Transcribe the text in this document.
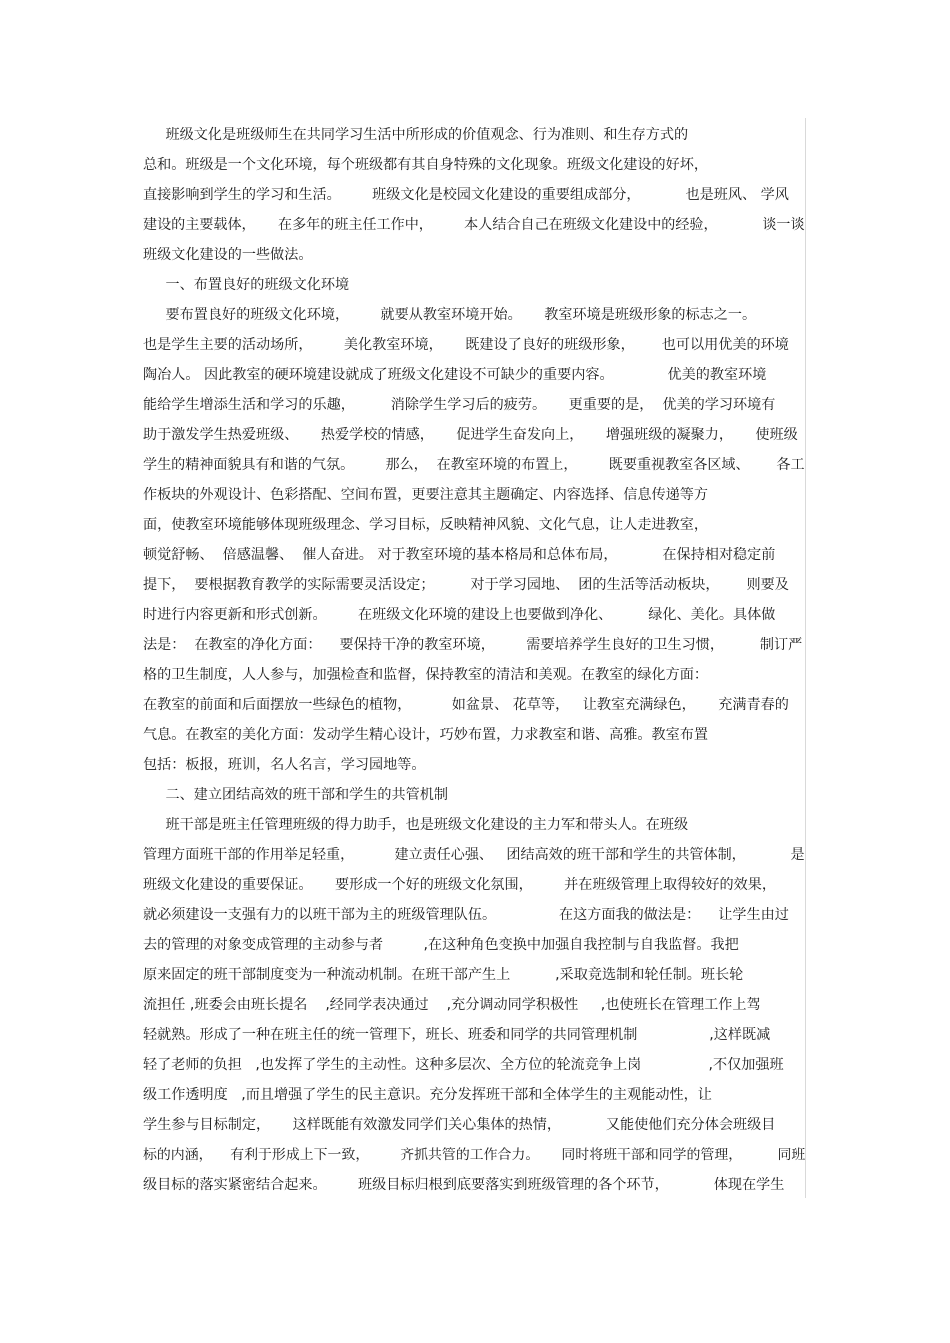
班级文化是班级师生在共同学习生活中所形成的价值观念、行为准则、和生存方式的
总和。班级是一个文化环境，每个班级都有其自身特殊的文化现象。班级文化建设的好坏，
直接影响到学生的学习和生活。       班级文化是校园文化建设的重要组成部分，          也是班风、 学风
建设的主要载体，     在多年的班主任工作中，       本人结合自己在班级文化建设中的经验，          谈一谈
班级文化建设的一些做法。
一、布置良好的班级文化环境
要布置良好的班级文化环境，       就要从教室环境开始。     教室环境是班级形象的标志之一。
也是学生主要的活动场所，       美化教室环境，     既建设了良好的班级形象，      也可以用优美的环境
陶冶人。 因此教室的硬环境建设就成了班级文化建设不可缺少的重要内容。            优美的教室环境
能给学生增添生活和学习的乐趣，        消除学生学习后的疲劳。     更重要的是，  优美的学习环境有
助于激发学生热爱班级、     热爱学校的情感，     促进学生奋发向上，     增强班级的凝聚力，     使班级
学生的精神面貌具有和谐的气氛。       那么，  在教室环境的布置上，       既要重视教室各区域、      各工
作板块的外观设计、色彩搭配、空间布置，更要注意其主题确定、内容选择、信息传递等方
面，使教室环境能够体现班级理念、学习目标，反映精神风貌、文化气息，让人走进教室，
顿觉舒畅、  倍感温馨、  催人奋进。 对于教室环境的基本格局和总体布局，          在保持相对稳定前
提下，  要根据教育教学的实际需要灵活设定；        对于学习园地、  团的生活等活动板块，      则要及
时进行内容更新和形式创新。       在班级文化环境的建设上也要做到净化、        绿化、美化。具体做
法是：  在教室的净化方面：    要保持干净的教室环境，       需要培养学生良好的卫生习惯，        制订严
格的卫生制度，人人参与，加强检查和监督，保持教室的清洁和美观。在教室的绿化方面：
在教室的前面和后面摆放一些绿色的植物，         如盆景、 花草等，   让教室充满绿色，     充满青春的
气息。在教室的美化方面：发动学生精心设计，巧妙布置，力求教室和谐、高雅。教室布置
包括：板报，班训，名人名言，学习园地等。
二、建立团结高效的班干部和学生的共管机制
班干部是班主任管理班级的得力助手，也是班级文化建设的主力军和带头人。在班级
管理方面班干部的作用举足轻重，         建立责任心强、   团结高效的班干部和学生的共管体制，          是
班级文化建设的重要保证。     要形成一个好的班级文化氛围，       并在班级管理上取得较好的效果，
就必须建设一支强有力的以班干部为主的班级管理队伍。              在这方面我的做法是：    让学生由过
去的管理的对象变成管理的主动参与者         ,在这种角色变换中加强自我控制与自我监督。我把
原来固定的班干部制度变为一种流动机制。在班干部产生上          ,采取竞选制和轮任制。班长轮
流担任 ,班委会由班长提名    ,经同学表决通过    ,充分调动同学积极性     ,也使班长在管理工作上驾
轻就熟。形成了一种在班主任的统一管理下，班长、班委和同学的共同管理机制                ,这样既减
轻了老师的负担   ,也发挥了学生的主动性。这种多层次、全方位的轮流竞争上岗               ,不仅加强班
级工作透明度   ,而且增强了学生的民主意识。充分发挥班干部和全体学生的主观能动性，让
学生参与目标制定，     这样既能有效激发同学们关心集体的热情，          又能使他们充分体会班级目
标的内涵，    有利于形成上下一致，       齐抓共管的工作合力。     同时将班干部和同学的管理，        同班
级目标的落实紧密结合起来。       班级目标归根到底要落实到班级管理的各个环节，          体现在学生
